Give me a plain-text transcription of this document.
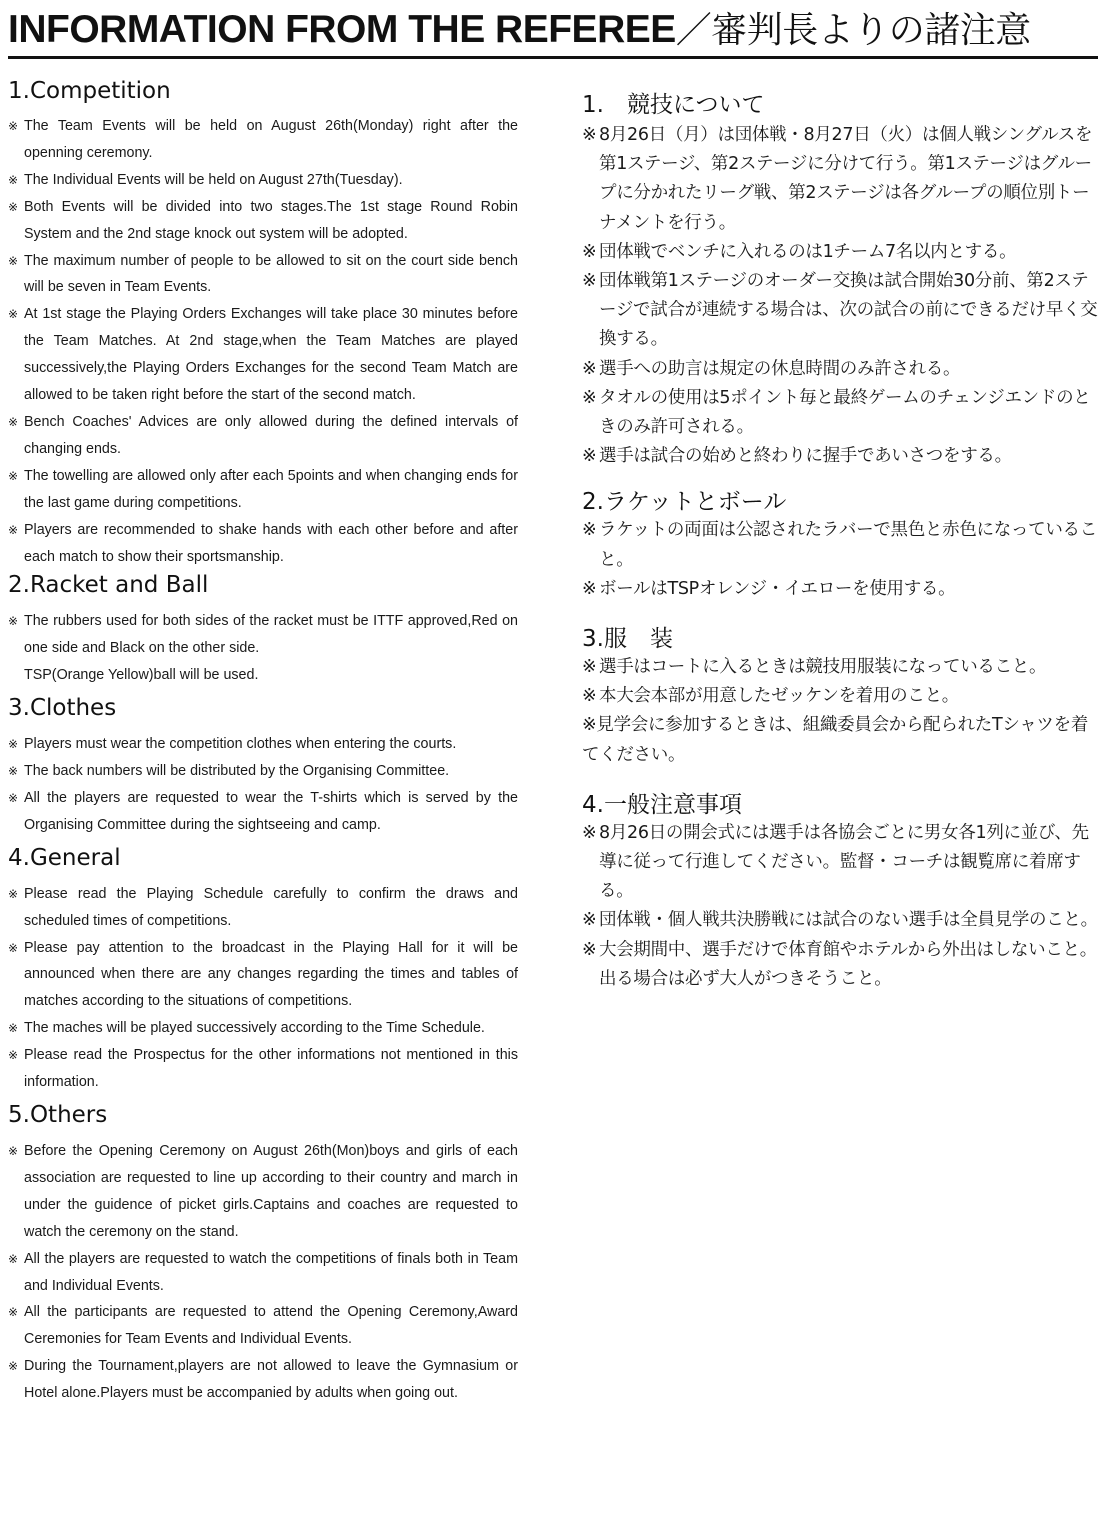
INFORMATION FROM THE REFEREE／審判長よりの諸注意
1.Competition
※ The Team Events will be held on August 26th(Monday) right after the openning ceremony.
※ The Individual Events will be held on August 27th(Tuesday).
※ Both Events will be divided into two stages.The 1st stage Round Robin System and the 2nd stage knock out system will be adopted.
※ The maximum number of people to be allowed to sit on the court side bench will be seven in Team Events.
※ At 1st stage the Playing Orders Exchanges will take place 30 minutes before the Team Matches. At 2nd stage,when the Team Matches are played successively,the Playing Orders Exchanges for the second Team Match are allowed to be taken right before the start of the second match.
※ Bench Coaches' Advices are only allowed during the defined intervals of changing ends.
※ The towelling are allowed only after each 5points and when changing ends for the last game during competitions.
※ Players are recommended to shake hands with each other before and after each match to show their sportsmanship.
2.Racket and Ball
※ The rubbers used for both sides of the racket must be ITTF approved,Red on one side and Black on the other side.
TSP(Orange Yellow)ball will be used.
3.Clothes
※ Players must wear the competition clothes when entering the courts.
※ The back numbers will be distributed by the Organising Committee.
※ All the players are requested to wear the T-shirts which is served by the Organising Committee during the sightseeing and camp.
4.General
※ Please read the Playing Schedule carefully to confirm the draws and scheduled times of competitions.
※ Please pay attention to the broadcast in the Playing Hall for it will be announced when there are any changes regarding the times and tables of matches according to the situations of competitions.
※ The maches will be played successively according to the Time Schedule.
※ Please read the Prospectus for the other informations not mentioned in this information.
5.Others
※ Before the Opening Ceremony on August 26th(Mon)boys and girls of each association are requested to line up according to their country and march in under the guidence of picket girls.Captains and coaches are requested to watch the ceremony on the stand.
※ All the players are requested to watch the competitions of finals both in Team and Individual Events.
※ All the participants are requested to attend the Opening Ceremony,Award Ceremonies for Team Events and Individual Events.
※ During the Tournament,players are not allowed to leave the Gymnasium or Hotel alone.Players must be accompanied by adults when going out.
1.　競技について
※ 8月26日（月）は団体戦・8月27日（火）は個人戦シングルスを第1ステージ、第2ステージに分けて行う。第1ステージはグループに分かれたリーグ戦、第2ステージは各グループの順位別トーナメントを行う。
※ 団体戦でベンチに入れるのは1チーム7名以内とする。
※ 団体戦第1ステージのオーダー交換は試合開始30分前、第2ステージで試合が連続する場合は、次の試合の前にできるだけ早く交換する。
※ 選手への助言は規定の休息時間のみ許される。
※ タオルの使用は5ポイント毎と最終ゲームのチェンジエンドのときのみ許可される。
※ 選手は試合の始めと終わりに握手であいさつをする。
2.ラケットとボール
※ ラケットの両面は公認されたラバーで黒色と赤色になっていること。
※ ボールはTSPオレンジ・イエローを使用する。
3.服　装
※ 選手はコートに入るときは競技用服装になっていること。
※ 本大会本部が用意したゼッケンを着用のこと。
※見学会に参加するときは、組織委員会から配られたTシャツを着てください。
4.一般注意事項
※ 8月26日の開会式には選手は各協会ごとに男女各1列に並び、先導に従って行進してください。監督・コーチは観覧席に着席する。
※ 団体戦・個人戦共決勝戦には試合のない選手は全員見学のこと。
※ 大会期間中、選手だけで体育館やホテルから外出はしないこと。出る場合は必ず大人がつきそうこと。
